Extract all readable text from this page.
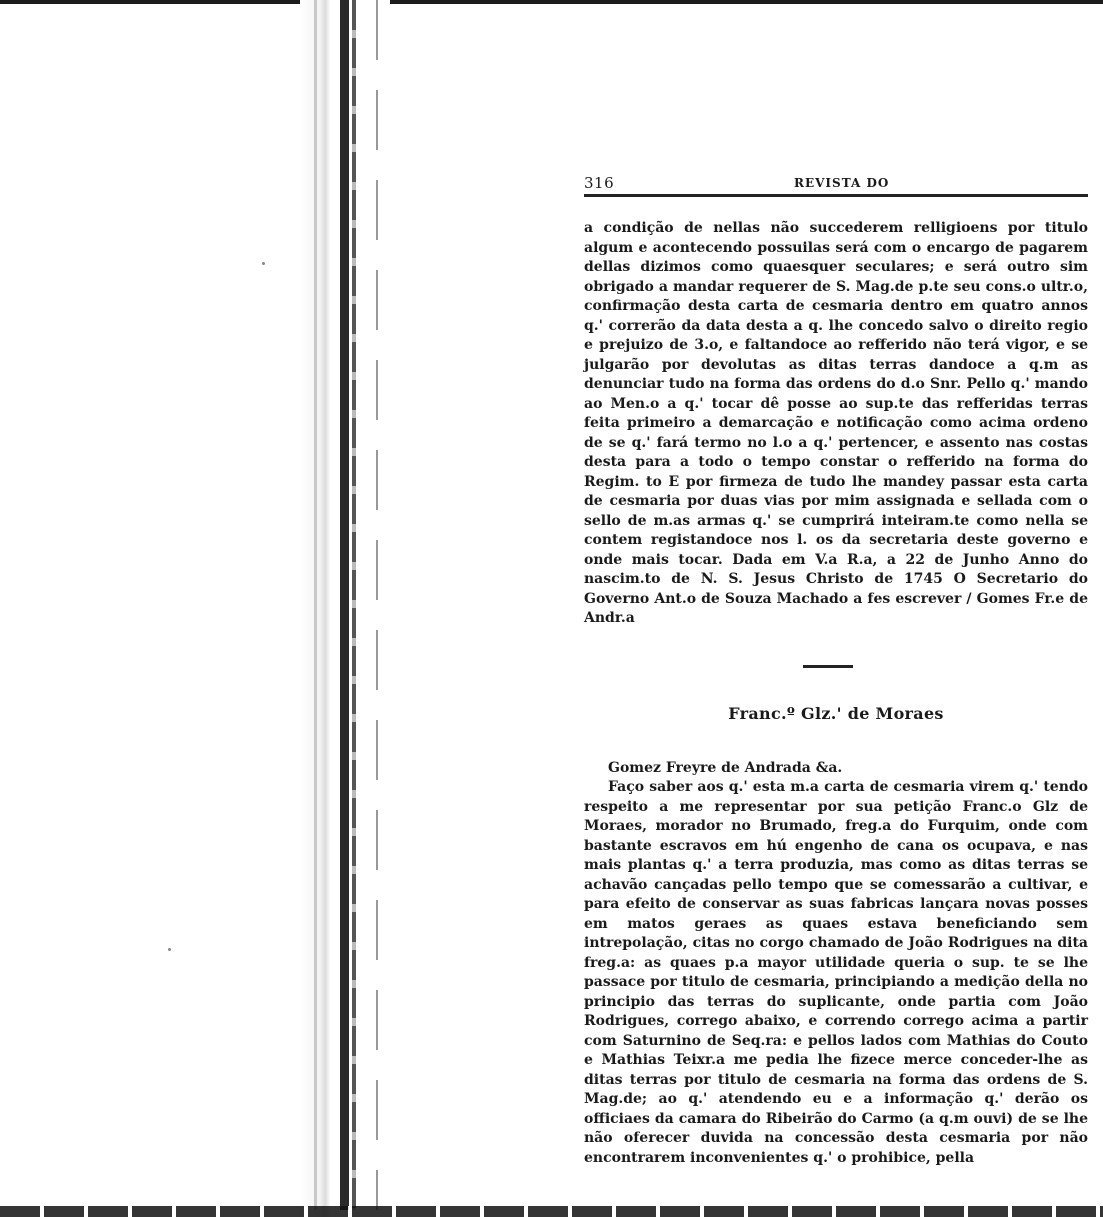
316	REVISTA DO

a condição de nellas não succederem relligioens por titulo algum e acontecendo possuilas será com o encargo de pagarem dellas dizimos como quaesquer seculares; e será outro sim obrigado a mandar requerer de S. Mag.de p.te seu cons.o ultr.o, confirmação desta carta de cesmaria dentro em quatro annos q.' correrão da data desta a q. lhe concedo salvo o direito regio e prejuizo de 3.o, e faltandoce ao refferido não terá vigor, e se julgarão por devolutas as ditas terras dandoce a q.m as denunciar tudo na forma das ordens do d.o Snr. Pello q.' mando ao Men.o a q.' tocar dê posse ao sup.te das refferidas terras feita primeiro a demarcação e notificação como acima ordeno de se q.' fará termo no l.o a q.' pertencer, e assento nas costas desta para a todo o tempo constar o refferido na forma do Regim. to E por firmeza de tudo lhe mandey passar esta carta de cesmaria por duas vias por mim assignada e sellada com o sello de m.as armas q.' se cumprirá inteiram.te como nella se contem registandoce nos l. os da secretaria deste governo e onde mais tocar. Dada em V.a R.a, a 22 de Junho Anno do nascim.to de N. S. Jesus Christo de 1745 O Secretario do Governo Ant.o de Souza Machado a fes escrever / Gomes Fr.e de Andr.a

Franc.º Glz.' de Moraes
Gomez Freyre de Andrada &a.

Faço saber aos q.' esta m.a carta de cesmaria virem q.' tendo respeito a me representar por sua petição Franc.o Glz de Moraes, morador no Brumado, freg.a do Furquim, onde com bastante escravos em hú engenho de cana os ocupava, e nas mais plantas q.' a terra produzia, mas como as ditas terras se achavão cançadas pello tempo que se comessarão a cultivar, e para efeito de conservar as suas fabricas lançara novas posses em matos geraes as quaes estava beneficiando sem intrepolação, citas no corgo chamado de João Rodrigues na dita freg.a: as quaes p.a mayor utilidade queria o sup. te se lhe passace por titulo de cesmaria, principiando a medição della no principio das terras do suplicante, onde partia com João Rodrigues, corrego abaixo, e correndo corrego acima a partir com Saturnino de Seq.ra: e pellos lados com Mathias do Couto e Mathias Teixr.a me pedia lhe fizece merce conceder-lhe as ditas terras por titulo de cesmaria na forma das ordens de S. Mag.de; ao q.' atendendo eu e a informação q.' derão os officiaes da camara do Ribeirão do Carmo (a q.m ouvi) de se lhe não oferecer duvida na concessão desta cesmaria por não encontrarem inconvenientes q.' o prohibice, pella
